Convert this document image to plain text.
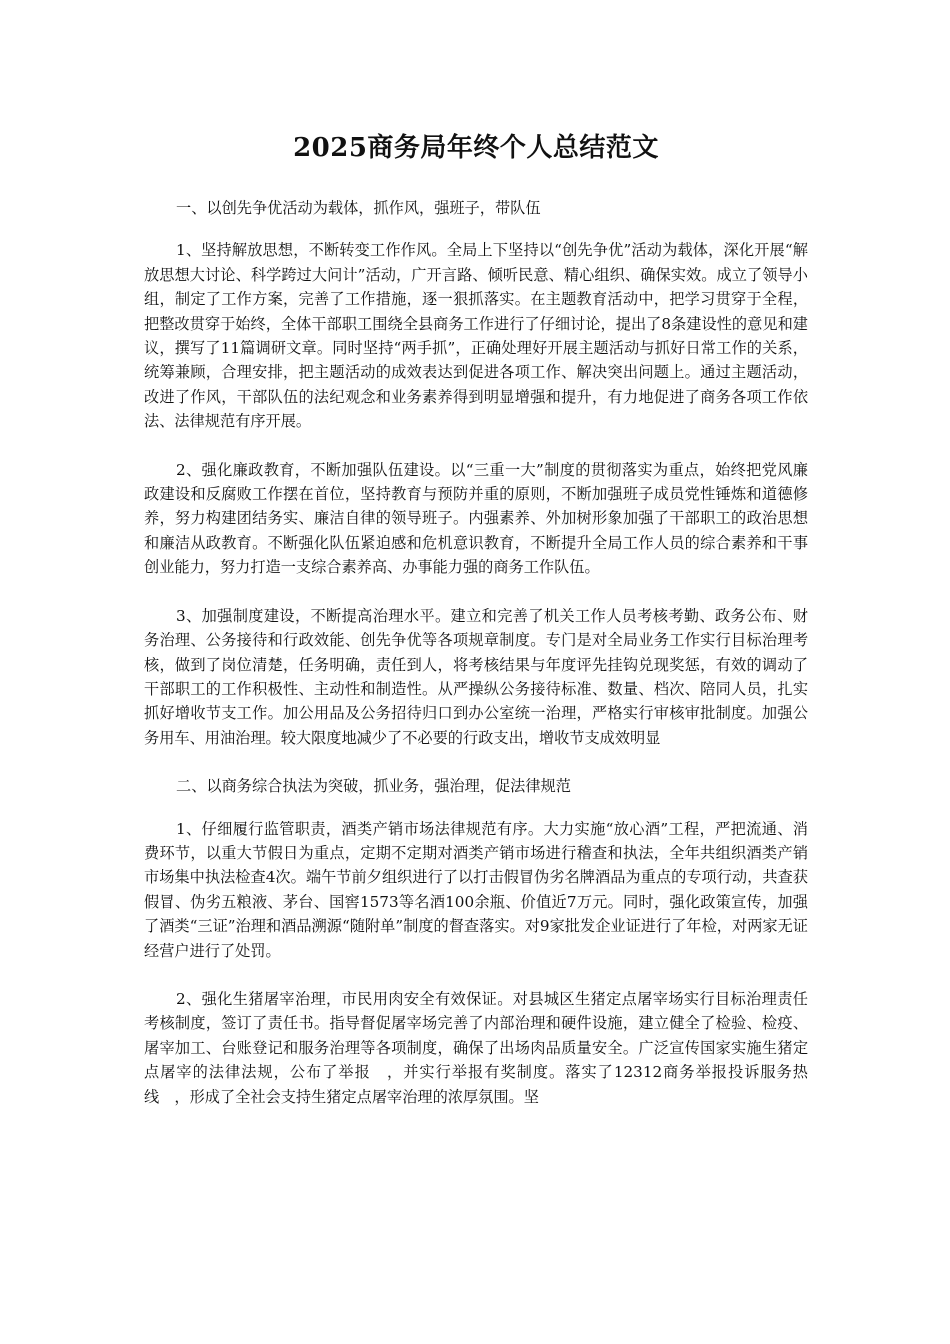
2025商务局年终个人总结范文

一、以创先争优活动为载体，抓作风，强班子，带队伍

1、坚持解放思想，不断转变工作作风。全局上下坚持以“创先争优”活动为载体，深化开展“解放思想大讨论、科学跨过大问计”活动，广开言路、倾听民意、精心组织、确保实效。成立了领导小组，制定了工作方案，完善了工作措施，逐一狠抓落实。在主题教育活动中，把学习贯穿于全程，把整改贯穿于始终，全体干部职工围绕全县商务工作进行了仔细讨论，提出了8条建设性的意见和建议，撰写了11篇调研文章。同时坚持“两手抓”，正确处理好开展主题活动与抓好日常工作的关系，统筹兼顾，合理安排，把主题活动的成效表达到促进各项工作、解决突出问题上。通过主题活动，改进了作风，干部队伍的法纪观念和业务素养得到明显增强和提升，有力地促进了商务各项工作依法、法律规范有序开展。

2、强化廉政教育，不断加强队伍建设。以“三重一大”制度的贯彻落实为重点，始终把党风廉政建设和反腐败工作摆在首位，坚持教育与预防并重的原则，不断加强班子成员党性锤炼和道德修养，努力构建团结务实、廉洁自律的领导班子。内强素养、外加树形象加强了干部职工的政治思想和廉洁从政教育。不断强化队伍紧迫感和危机意识教育，不断提升全局工作人员的综合素养和干事创业能力，努力打造一支综合素养高、办事能力强的商务工作队伍。

3、加强制度建设，不断提高治理水平。建立和完善了机关工作人员考核考勤、政务公布、财务治理、公务接待和行政效能、创先争优等各项规章制度。专门是对全局业务工作实行目标治理考核，做到了岗位清楚，任务明确，责任到人，将考核结果与年度评先挂钩兑现奖惩，有效的调动了干部职工的工作积极性、主动性和制造性。从严操纵公务接待标准、数量、档次、陪同人员，扎实抓好增收节支工作。加公用品及公务招待归口到办公室统一治理，严格实行审核审批制度。加强公务用车、用油治理。较大限度地减少了不必要的行政支出，增收节支成效明显

二、以商务综合执法为突破，抓业务，强治理，促法律规范

1、仔细履行监管职责，酒类产销市场法律规范有序。大力实施“放心酒”工程，严把流通、消费环节，以重大节假日为重点，定期不定期对酒类产销市场进行稽查和执法，全年共组织酒类产销市场集中执法检查4次。端午节前夕组织进行了以打击假冒伪劣名牌酒品为重点的专项行动，共查获假冒、伪劣五粮液、茅台、国窖1573等名酒100余瓶、价值近7万元。同时，强化政策宣传，加强了酒类“三证”治理和酒品溯源“随附单”制度的督查落实。对9家批发企业证进行了年检，对两家无证经营户进行了处罚。

2、强化生猪屠宰治理，市民用肉安全有效保证。对县城区生猪定点屠宰场实行目标治理责任考核制度，签订了责任书。指导督促屠宰场完善了内部治理和硬件设施，建立健全了检验、检疫、屠宰加工、台账登记和服务治理等各项制度，确保了出场肉品质量安全。广泛宣传国家实施生猪定点屠宰的法律法规，公布了举报　，并实行举报有奖制度。落实了12312商务举报投诉服务热线　，形成了全社会支持生猪定点屠宰治理的浓厚氛围。坚
